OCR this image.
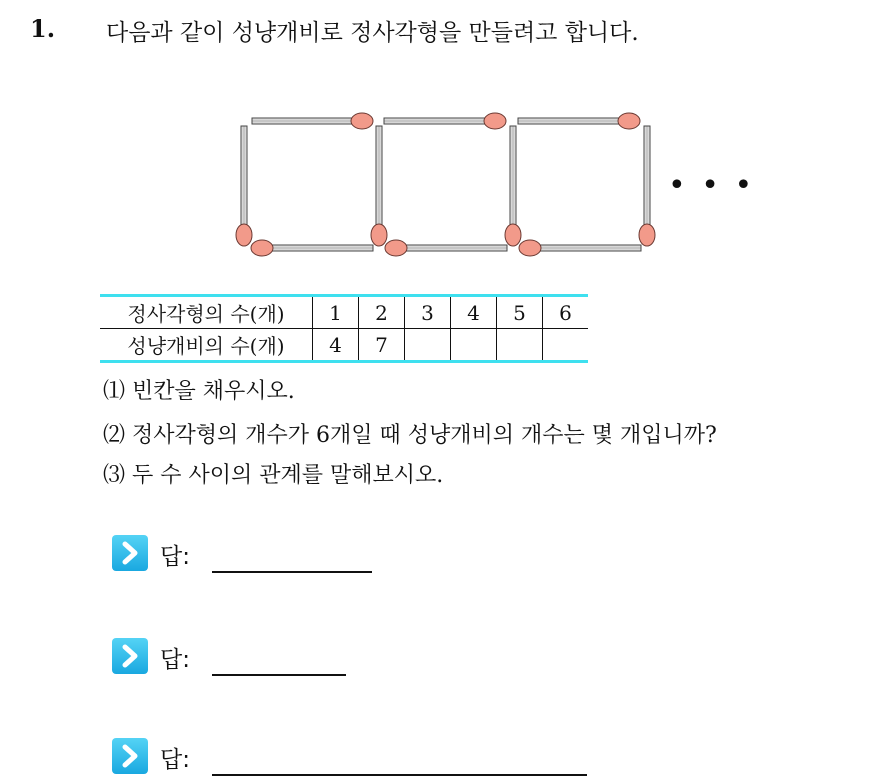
1. 다음과 같이 성냥개비로 정사각형을 만들려고 합니다.
• • •
정사각형의 수(개)	1	2	3	4	5	6
성냥개비의 수(개)	4	7				
⑴ 빈칸을 채우시오.
⑵ 정사각형의 개수가 6개일 때 성냥개비의 개수는 몇 개입니까?
⑶ 두 수 사이의 관계를 말해보시오.
답:
답:
답:
